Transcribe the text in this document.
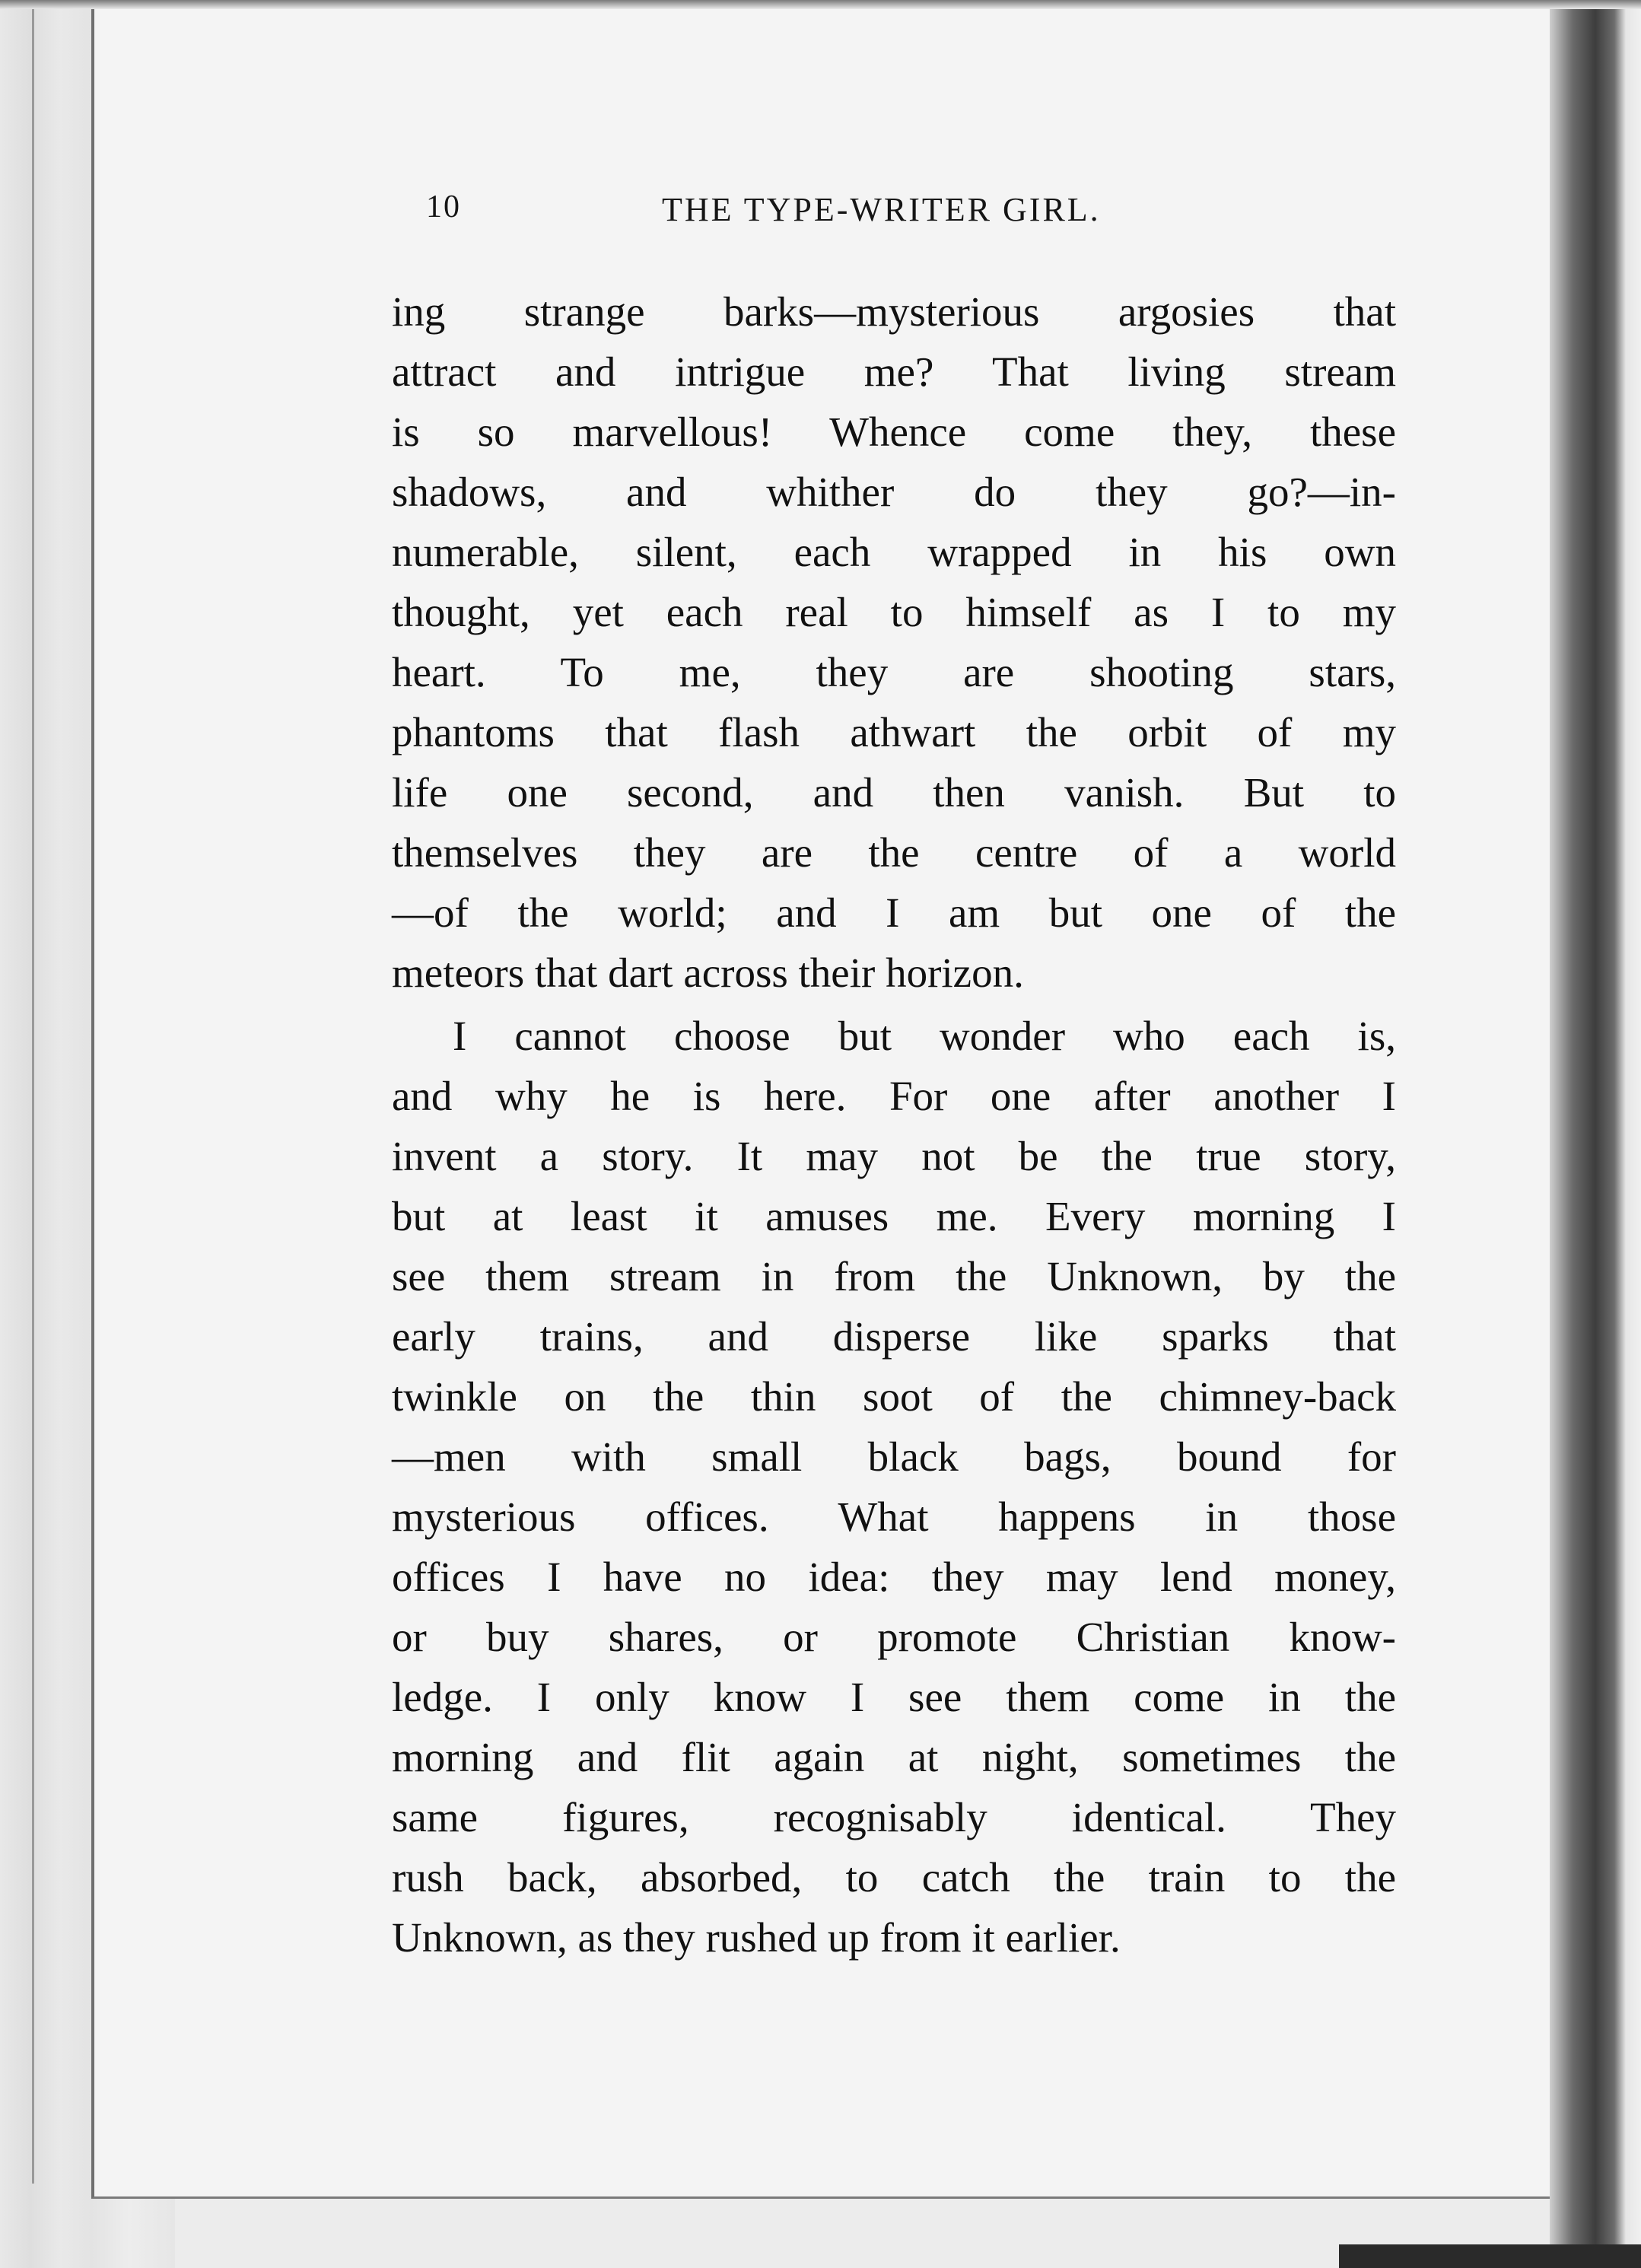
10	THE TYPE-WRITER GIRL.
ing strange barks—mysterious argosies that
attract and intrigue me? That living stream
is so marvellous! Whence come they, these
shadows, and whither do they go?—in-
numerable, silent, each wrapped in his own
thought, yet each real to himself as I to my
heart. To me, they are shooting stars,
phantoms that flash athwart the orbit of my
life one second, and then vanish. But to
themselves they are the centre of a world
—of the world; and I am but one of the
meteors that dart across their horizon.
I cannot choose but wonder who each is,
and why he is here. For one after another I
invent a story. It may not be the true story,
but at least it amuses me. Every morning I
see them stream in from the Unknown, by the
early trains, and disperse like sparks that
twinkle on the thin soot of the chimney-back
—men with small black bags, bound for
mysterious offices. What happens in those
offices I have no idea: they may lend money,
or buy shares, or promote Christian know-
ledge. I only know I see them come in the
morning and flit again at night, sometimes the
same figures, recognisably identical. They
rush back, absorbed, to catch the train to the
Unknown, as they rushed up from it earlier.
